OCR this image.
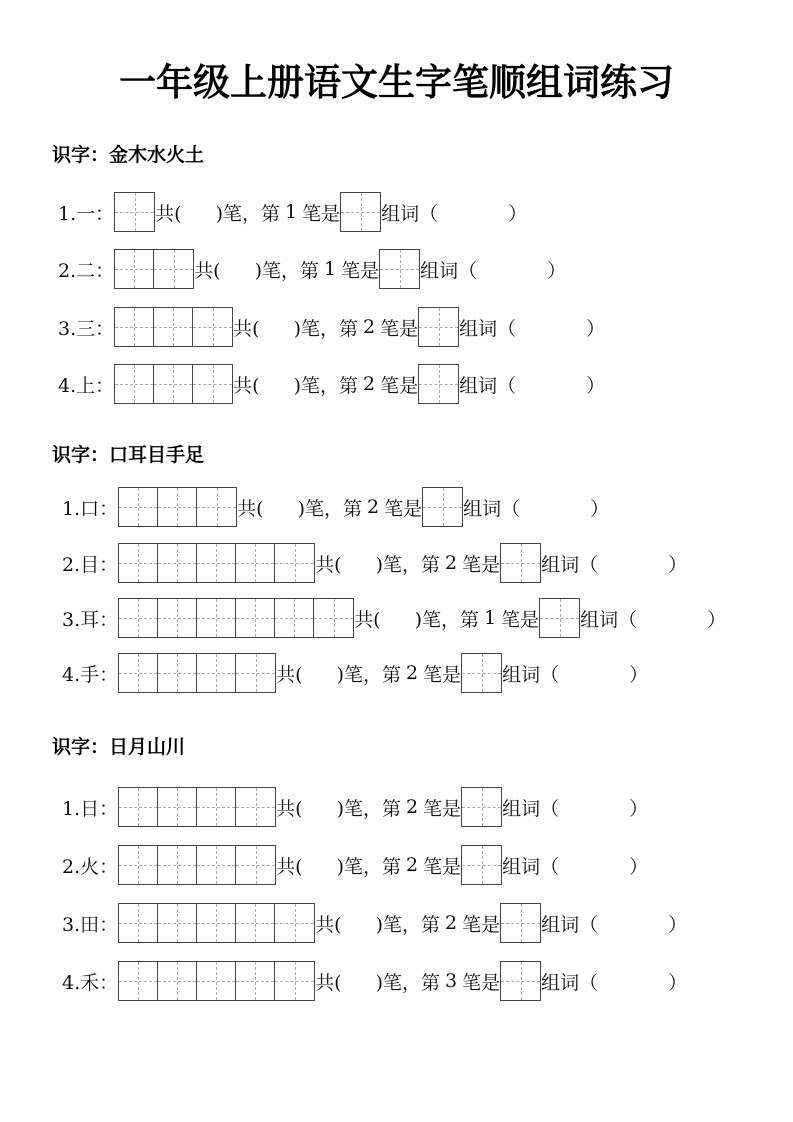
一年级上册语文生字笔顺组词练习
识字：金木水火土
1.一： 共( )笔，第 1 笔是 组词（	）
2.二：	共( )笔，第 1 笔是 组词（	）
3.三：	共( )笔，第 2 笔是 组词（	）
4.上：	共( )笔，第 2 笔是 组词（	）
识字：口耳目手足
1.口：	共( )笔，第 2 笔是 组词（	）
2.目：	共( )笔，第 2 笔是 组词（	）
3.耳：	共( )笔，第 1 笔是 组词（	）
4.手：	共( )笔，第 2 笔是 组词（	）
识字：日月山川
1.日：	共( )笔，第 2 笔是 组词（	）
2.火：	共( )笔，第 2 笔是 组词（	）
3.田：	共( )笔，第 2 笔是 组词（	）
4.禾：	共( )笔，第 3 笔是 组词（	）
